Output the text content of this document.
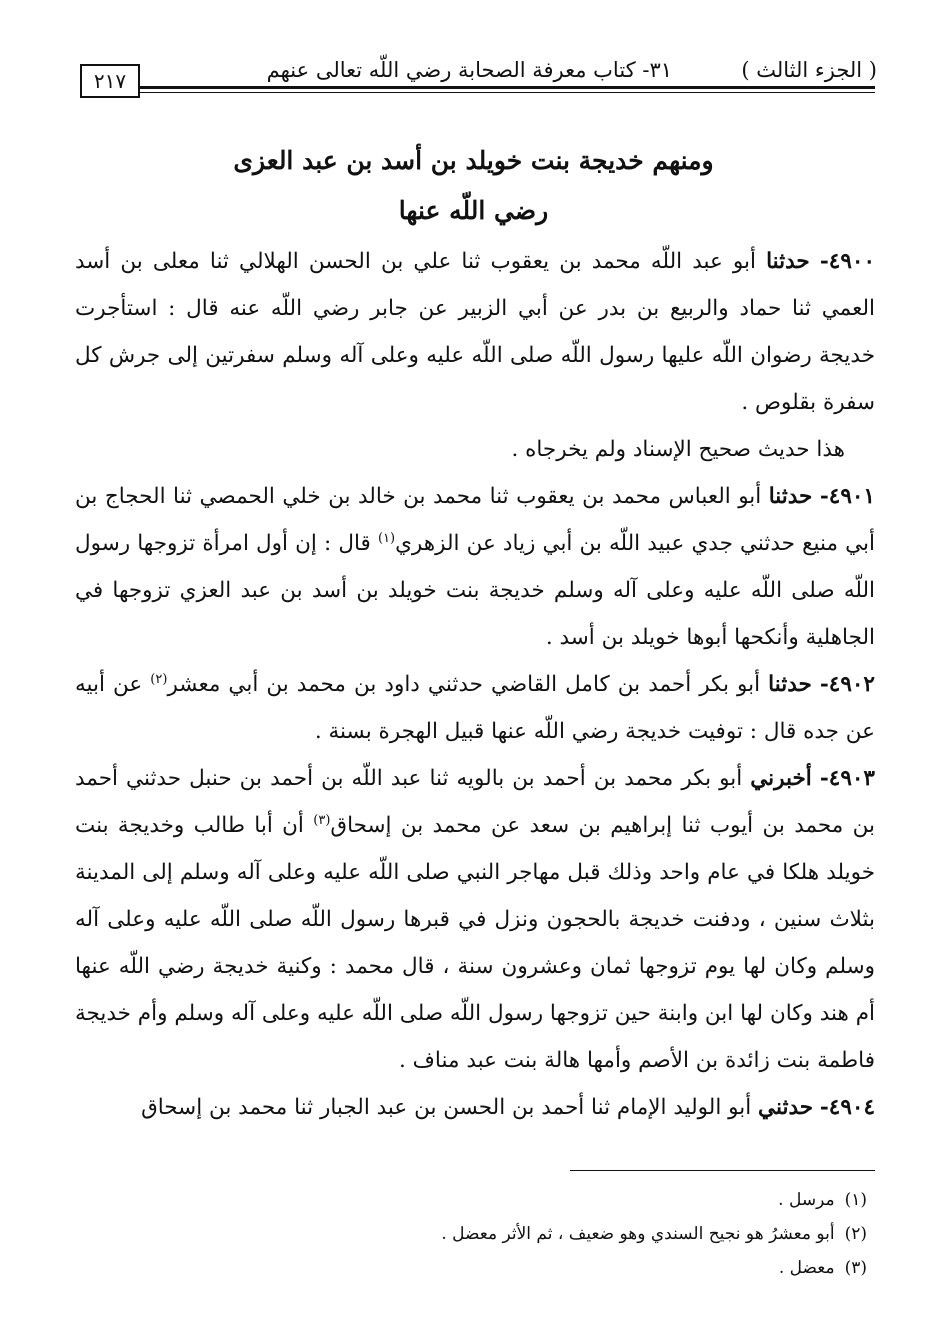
( الجزء الثالث )
٣١- كتاب معرفة الصحابة رضي اللّه تعالى عنهم
٢١٧
ومنهم خديجة بنت خويلد بن أسد بن عبد العزى
رضي اللّه عنها

٤٩٠٠- حدثنا أبو عبد اللّه محمد بن يعقوب ثنا علي بن الحسن الهلالي ثنا معلى بن أسد العمي ثنا حماد والربيع بن بدر عن أبي الزبير عن جابر رضي اللّه عنه قال : استأجرت خديجة رضوان اللّه عليها رسول اللّه صلى اللّه عليه وعلى آله وسلم سفرتين إلى جرش كل سفرة بقلوص .

هذا حديث صحيح الإسناد ولم يخرجاه .

٤٩٠١- حدثنا أبو العباس محمد بن يعقوب ثنا محمد بن خالد بن خلي الحمصي ثنا الحجاج بن أبي منيع حدثني جدي عبيد اللّه بن أبي زياد عن الزهري$^{(١)}$ قال : إن أول امرأة تزوجها رسول اللّه صلى اللّه عليه وعلى آله وسلم خديجة بنت خويلد بن أسد بن عبد العزي تزوجها في الجاهلية وأنكحها أبوها خويلد بن أسد .

٤٩٠٢- حدثنا أبو بكر أحمد بن كامل القاضي حدثني داود بن محمد بن أبي معشر$^{(٢)}$ عن أبيه عن جده قال : توفيت خديجة رضي اللّه عنها قبيل الهجرة بسنة .

٤٩٠٣- أخبرني أبو بكر محمد بن أحمد بن بالويه ثنا عبد اللّه بن أحمد بن حنبل حدثني أحمد بن محمد بن أيوب ثنا إبراهيم بن سعد عن محمد بن إسحاق$^{(٣)}$ أن أبا طالب وخديجة بنت خويلد هلكا في عام واحد وذلك قبل مهاجر النبي صلى اللّه عليه وعلى آله وسلم إلى المدينة بثلاث سنين ، ودفنت خديجة بالحجون ونزل في قبرها رسول اللّه صلى اللّه عليه وعلى آله وسلم وكان لها يوم تزوجها ثمان وعشرون سنة ، قال محمد : وكنية خديجة رضي اللّه عنها أم هند وكان لها ابن وابنة حين تزوجها رسول اللّه صلى اللّه عليه وعلى آله وسلم وأم خديجة فاطمة بنت زائدة بن الأصم وأمها هالة بنت عبد مناف .

٤٩٠٤- حدثني أبو الوليد الإمام ثنا أحمد بن الحسن بن عبد الجبار ثنا محمد بن إسحاق

(١)مرسل .
(٢)أبو معشرُ هو نجيح السندي وهو ضعيف ، ثم الأثر معضل .
(٣)معضل .
